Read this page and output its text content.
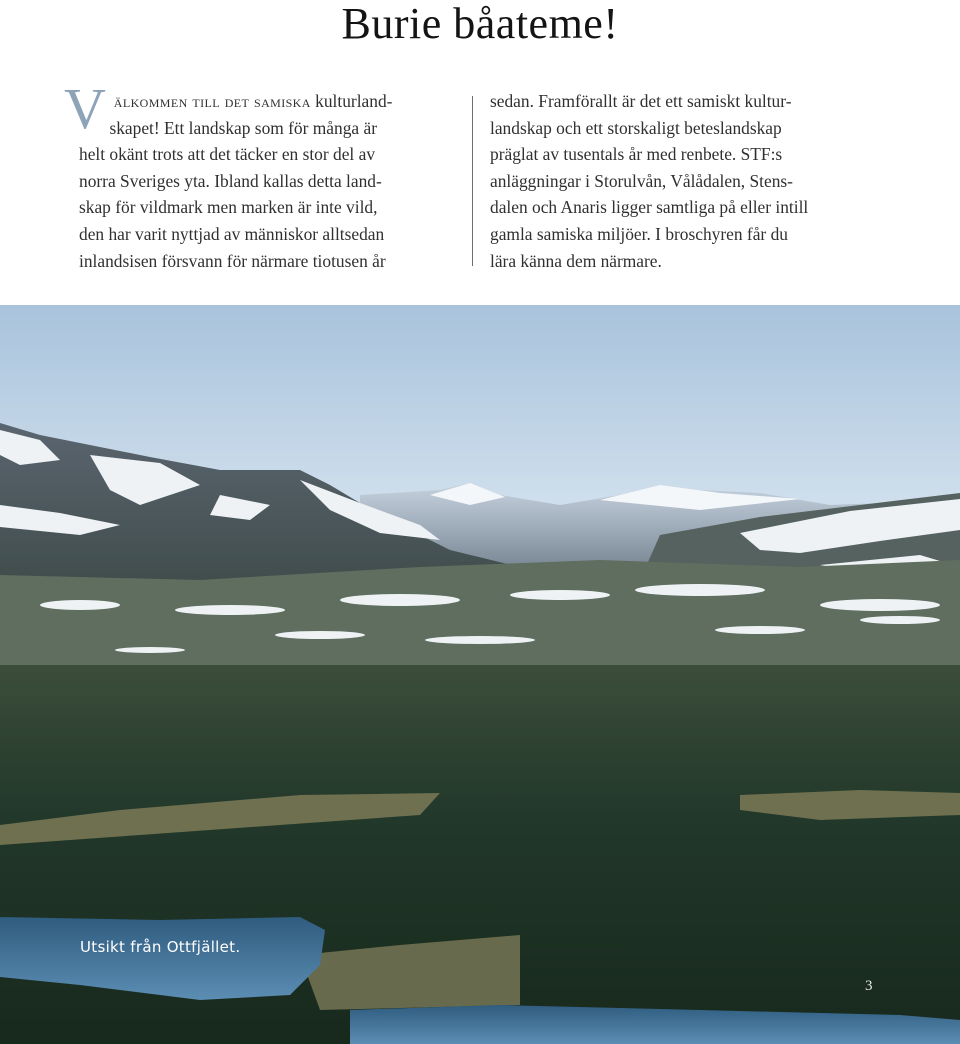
Burie båateme!
V älkommen till det samiska kulturland-
skapet! Ett landskap som för många är
helt okänt trots att det täcker en stor del av
norra Sveriges yta. Ibland kallas detta land-
skap för vildmark men marken är inte vild,
den har varit nyttjad av människor alltsedan
inlandsisen försvann för närmare tiotusen år
sedan. Framförallt är det ett samiskt kultur-
landskap och ett storskaligt beteslandskap
präglat av tusentals år med renbete. STF:s
anläggningar i Storulvån, Vålådalen, Stens-
dalen och Anaris ligger samtliga på eller intill
gamla samiska miljöer. I broschyren får du
lära känna dem närmare.
Utsikt från Ottfjället.
3
